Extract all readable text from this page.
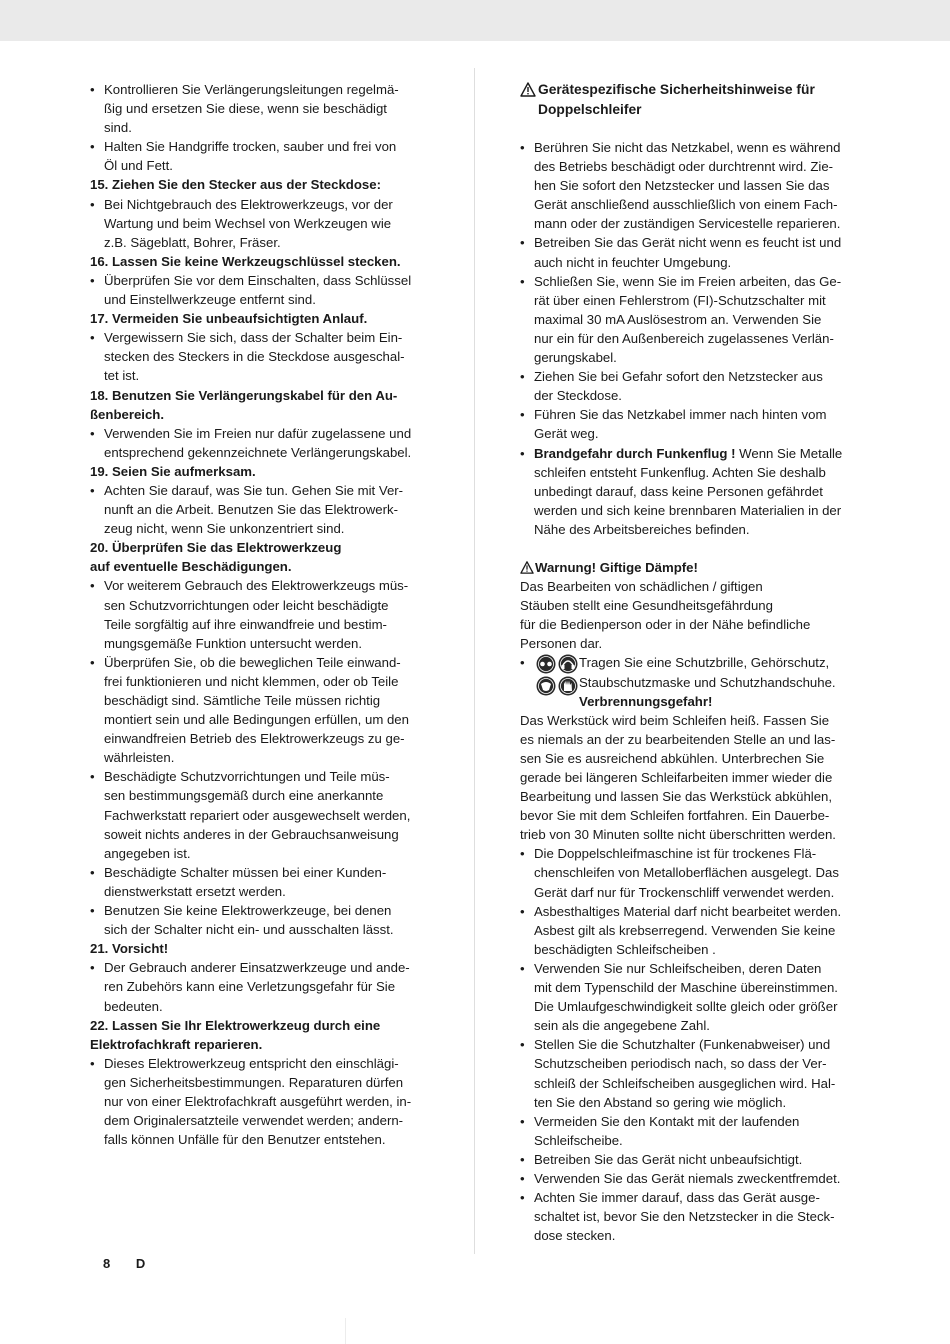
• Kontrollieren Sie Verlängerungsleitungen regelmä-
ßig und ersetzen Sie diese, wenn sie beschädigt
sind.
• Halten Sie Handgriffe trocken, sauber und frei von
Öl und Fett.
15. Ziehen Sie den Stecker aus der Steckdose:
• Bei Nichtgebrauch des Elektrowerkzeugs, vor der
Wartung und beim Wechsel von Werkzeugen wie
z.B. Sägeblatt, Bohrer, Fräser.
16. Lassen Sie keine Werkzeugschlüssel stecken.
• Überprüfen Sie vor dem Einschalten, dass Schlüssel
und Einstellwerkzeuge entfernt sind.
17. Vermeiden Sie unbeaufsichtigten Anlauf.
• Vergewissern Sie sich, dass der Schalter beim Ein-
stecken des Steckers in die Steckdose ausgeschal-
tet ist.
18. Benutzen Sie Verlängerungskabel für den Au-
ßenbereich.
• Verwenden Sie im Freien nur dafür zugelassene und
entsprechend gekennzeichnete Verlängerungskabel.
19. Seien Sie aufmerksam.
• Achten Sie darauf, was Sie tun. Gehen Sie mit Ver-
nunft an die Arbeit. Benutzen Sie das Elektrowerk-
zeug nicht, wenn Sie unkonzentriert sind.
20. Überprüfen Sie das Elektrowerkzeug
auf eventuelle Beschädigungen.
• Vor weiterem Gebrauch des Elektrowerkzeugs müs-
sen Schutzvorrichtungen oder leicht beschädigte
Teile sorgfältig auf ihre einwandfreie und bestim-
mungsgemäße Funktion untersucht werden.
• Überprüfen Sie, ob die beweglichen Teile einwand-
frei funktionieren und nicht klemmen, oder ob Teile
beschädigt sind. Sämtliche Teile müssen richtig
montiert sein und alle Bedingungen erfüllen, um den
einwandfreien Betrieb des Elektrowerkzeugs zu ge-
währleisten.
• Beschädigte Schutzvorrichtungen und Teile müs-
sen bestimmungsgemäß durch eine anerkannte
Fachwerkstatt repariert oder ausgewechselt werden,
soweit nichts anderes in der Gebrauchsanweisung
angegeben ist.
• Beschädigte Schalter müssen bei einer Kunden-
dienstwerkstatt ersetzt werden.
• Benutzen Sie keine Elektrowerkzeuge, bei denen
sich der Schalter nicht ein- und ausschalten lässt.
21. Vorsicht!
• Der Gebrauch anderer Einsatzwerkzeuge und ande-
ren Zubehörs kann eine Verletzungsgefahr für Sie
bedeuten.
22. Lassen Sie Ihr Elektrowerkzeug durch eine
Elektrofachkraft reparieren.
• Dieses Elektrowerkzeug entspricht den einschlägi-
gen Sicherheitsbestimmungen. Reparaturen dürfen
nur von einer Elektrofachkraft ausgeführt werden, in-
dem Originalersatzteile verwendet werden; andern-
falls können Unfälle für den Benutzer entstehen.
Gerätespezifische Sicherheitshinweise für
Doppelschleifer
• Berühren Sie nicht das Netzkabel, wenn es während
des Betriebs beschädigt oder durchtrennt wird. Zie-
hen Sie sofort den Netzstecker und lassen Sie das
Gerät anschließend ausschließlich von einem Fach-
mann oder der zuständigen Servicestelle reparieren.
• Betreiben Sie das Gerät nicht wenn es feucht ist und
auch nicht in feuchter Umgebung.
• Schließen Sie, wenn Sie im Freien arbeiten, das Ge-
rät über einen Fehlerstrom (FI)-Schutzschalter mit
maximal 30 mA Auslösestrom an. Verwenden Sie
nur ein für den Außenbereich zugelassenes Verlän-
gerungskabel.
• Ziehen Sie bei Gefahr sofort den Netzstecker aus
der Steckdose.
• Führen Sie das Netzkabel immer nach hinten vom
Gerät weg.
• Brandgefahr durch Funkenflug ! Wenn Sie Metalle
schleifen entsteht Funkenflug. Achten Sie deshalb
unbedingt darauf, dass keine Personen gefährdet
werden und sich keine brennbaren Materialien in der
Nähe des Arbeitsbereiches befinden.
Warnung! Giftige Dämpfe!
Das Bearbeiten von schädlichen / giftigen
Stäuben stellt eine Gesundheitsgefährdung
für die Bedienperson oder in der Nähe befindliche
Personen dar.
• Tragen Sie eine Schutzbrille, Gehörschutz,
Staubschutzmaske und Schutzhandschuhe.
Verbrennungsgefahr!
Das Werkstück wird beim Schleifen heiß. Fassen Sie
es niemals an der zu bearbeitenden Stelle an und las-
sen Sie es ausreichend abkühlen. Unterbrechen Sie
gerade bei längeren Schleifarbeiten immer wieder die
Bearbeitung und lassen Sie das Werkstück abkühlen,
bevor Sie mit dem Schleifen fortfahren. Ein Dauerbe-
trieb von 30 Minuten sollte nicht überschritten werden.
• Die Doppelschleifmaschine ist für trockenes Flä-
chenschleifen von Metalloberflächen ausgelegt. Das
Gerät darf nur für Trockenschliff verwendet werden.
• Asbesthaltiges Material darf nicht bearbeitet werden.
Asbest gilt als krebserregend. Verwenden Sie keine
beschädigten Schleifscheiben .
• Verwenden Sie nur Schleifscheiben, deren Daten
mit dem Typenschild der Maschine übereinstimmen.
Die Umlaufgeschwindigkeit sollte gleich oder größer
sein als die angegebene Zahl.
• Stellen Sie die Schutzhalter (Funkenabweiser) und
Schutzscheiben periodisch nach, so dass der Ver-
schleiß der Schleifscheiben ausgeglichen wird. Hal-
ten Sie den Abstand so gering wie möglich.
• Vermeiden Sie den Kontakt mit der laufenden
Schleifscheibe.
• Betreiben Sie das Gerät nicht unbeaufsichtigt.
• Verwenden Sie das Gerät niemals zweckentfremdet.
• Achten Sie immer darauf, dass das Gerät ausge-
schaltet ist, bevor Sie den Netzstecker in die Steck-
dose stecken.
8 D
